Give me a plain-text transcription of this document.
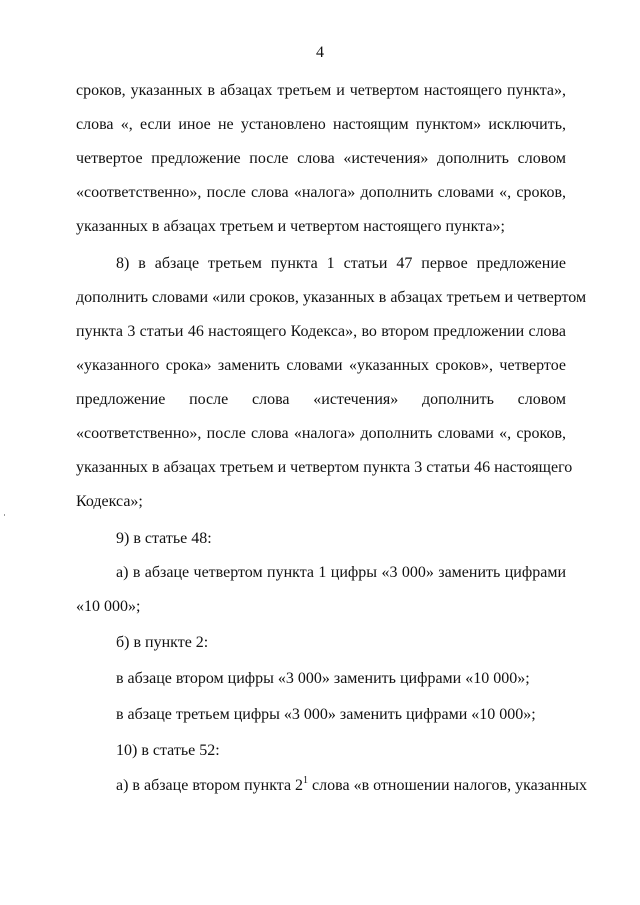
4
сроков, указанных в абзацах третьем и четвертом настоящего пункта»,
слова «, если иное не установлено настоящим пунктом» исключить,
четвертое предложение после слова «истечения» дополнить словом
«соответственно», после слова «налога» дополнить словами «, сроков,
указанных в абзацах третьем и четвертом настоящего пункта»;
8) в абзаце третьем пункта 1 статьи 47 первое предложение
дополнить словами «или сроков, указанных в абзацах третьем и четвертом
пункта 3 статьи 46 настоящего Кодекса», во втором предложении слова
«указанного срока» заменить словами «указанных сроков», четвертое
предложение после слова «истечения» дополнить словом
«соответственно», после слова «налога» дополнить словами «, сроков,
указанных в абзацах третьем и четвертом пункта 3 статьи 46 настоящего
Кодекса»;
9) в статье 48:
а) в абзаце четвертом пункта 1 цифры «3 000» заменить цифрами
«10 000»;
б) в пункте 2:
в абзаце втором цифры «3 000» заменить цифрами «10 000»;
в абзаце третьем цифры «3 000» заменить цифрами «10 000»;
10) в статье 52:
а) в абзаце втором пункта $2^1$ слова «в отношении налогов, указанных
